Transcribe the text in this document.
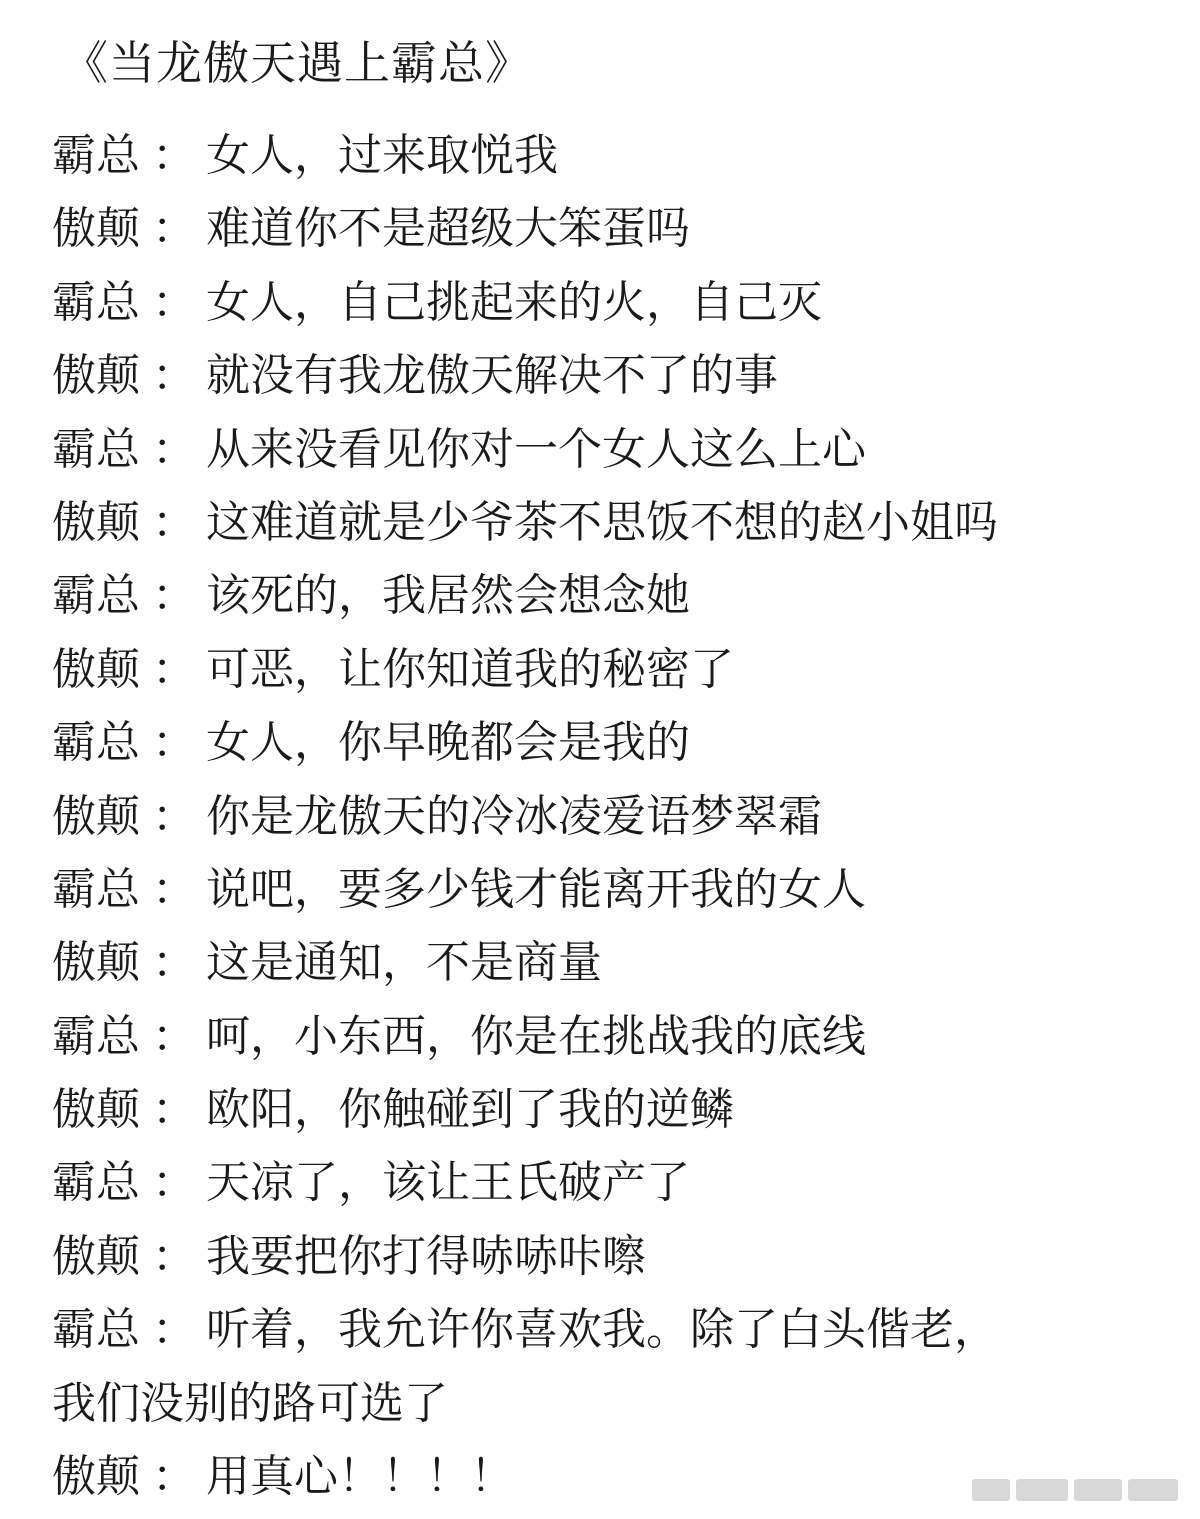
《当龙傲天遇上霸总》
霸总 ： 女人，过来取悦我
傲颠 ： 难道你不是超级大笨蛋吗
霸总 ： 女人，自己挑起来的火，自己灭
傲颠 ： 就没有我龙傲天解决不了的事
霸总 ： 从来没看见你对一个女人这么上心
傲颠 ： 这难道就是少爷茶不思饭不想的赵小姐吗
霸总 ： 该死的，我居然会想念她
傲颠 ： 可恶，让你知道我的秘密了
霸总 ： 女人，你早晚都会是我的
傲颠 ： 你是龙傲天的冷冰凌爱语梦翠霜
霸总 ： 说吧，要多少钱才能离开我的女人
傲颠 ： 这是通知，不是商量
霸总 ： 呵，小东西，你是在挑战我的底线
傲颠 ： 欧阳，你触碰到了我的逆鳞
霸总 ： 天凉了，该让王氏破产了
傲颠 ： 我要把你打得哧哧咔嚓
霸总 ： 听着，我允许你喜欢我。除了白头偕老，
我们没别的路可选了
傲颠 ： 用真心！！！！
